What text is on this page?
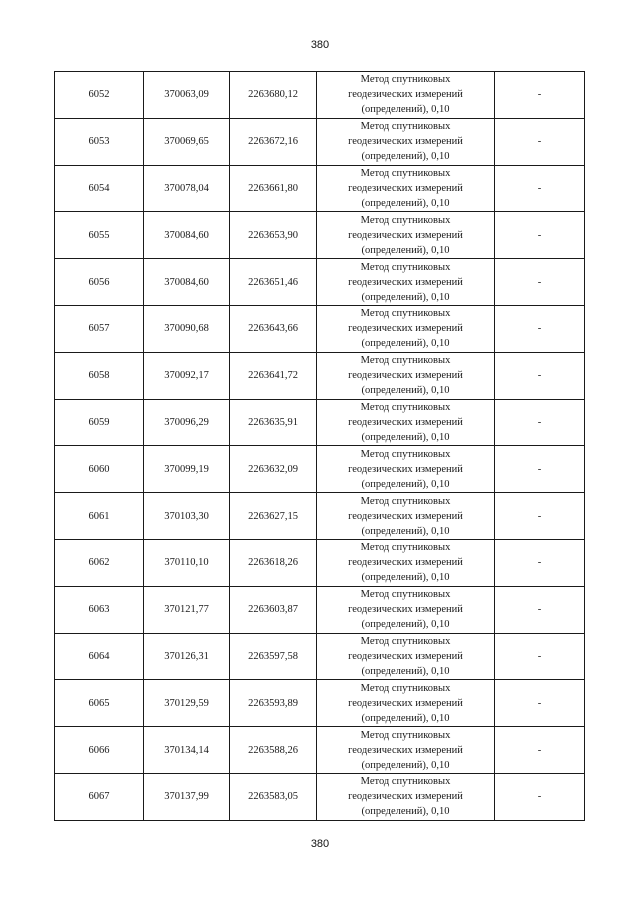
380
6052	370063,09	2263680,12	Метод спутниковых
геодезических измерений
(определений), 0,10	-
6053	370069,65	2263672,16	Метод спутниковых
геодезических измерений
(определений), 0,10	-
6054	370078,04	2263661,80	Метод спутниковых
геодезических измерений
(определений), 0,10	-
6055	370084,60	2263653,90	Метод спутниковых
геодезических измерений
(определений), 0,10	-
6056	370084,60	2263651,46	Метод спутниковых
геодезических измерений
(определений), 0,10	-
6057	370090,68	2263643,66	Метод спутниковых
геодезических измерений
(определений), 0,10	-
6058	370092,17	2263641,72	Метод спутниковых
геодезических измерений
(определений), 0,10	-
6059	370096,29	2263635,91	Метод спутниковых
геодезических измерений
(определений), 0,10	-
6060	370099,19	2263632,09	Метод спутниковых
геодезических измерений
(определений), 0,10	-
6061	370103,30	2263627,15	Метод спутниковых
геодезических измерений
(определений), 0,10	-
6062	370110,10	2263618,26	Метод спутниковых
геодезических измерений
(определений), 0,10	-
6063	370121,77	2263603,87	Метод спутниковых
геодезических измерений
(определений), 0,10	-
6064	370126,31	2263597,58	Метод спутниковых
геодезических измерений
(определений), 0,10	-
6065	370129,59	2263593,89	Метод спутниковых
геодезических измерений
(определений), 0,10	-
6066	370134,14	2263588,26	Метод спутниковых
геодезических измерений
(определений), 0,10	-
6067	370137,99	2263583,05	Метод спутниковых
геодезических измерений
(определений), 0,10	-
380
